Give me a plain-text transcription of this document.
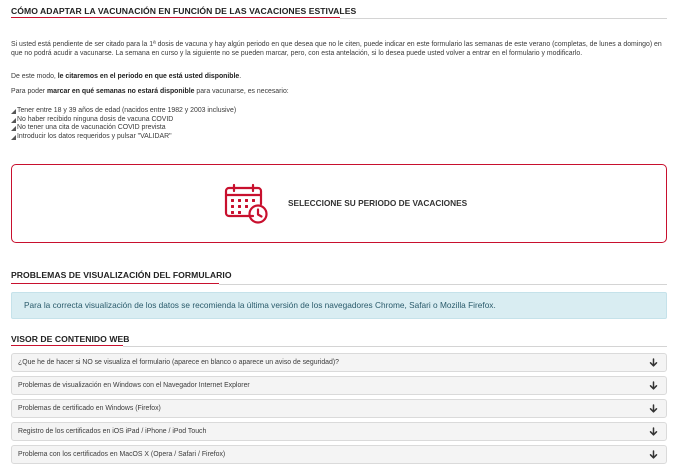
CÓMO ADAPTAR LA VACUNACIÓN EN FUNCIÓN DE LAS VACACIONES ESTIVALES

Si usted está pendiente de ser citado para la 1ª dosis de vacuna y hay algún periodo en que desea que no le citen, puede indicar en este formulario las semanas de este verano (completas, de lunes a domingo) en que no podrá acudir a vacunarse. La semana en curso y la siguiente no se pueden marcar, pero, con esta antelación, si lo desea puede usted volver a entrar en el formulario y modificarlo.

De este modo, le citaremos en el periodo en que está usted disponible.

Para poder marcar en qué semanas no estará disponible para vacunarse, es necesario:

Tener entre 18 y 39 años de edad (nacidos entre 1982 y 2003 inclusive)
No haber recibido ninguna dosis de vacuna COVID
No tener una cita de vacunación COVID prevista
Introducir los datos requeridos y pulsar "VALIDAR"
SELECCIONE SU PERIODO DE VACACIONES
PROBLEMAS DE VISUALIZACIÓN DEL FORMULARIO
Para la correcta visualización de los datos se recomienda la última versión de los navegadores Chrome, Safari o Mozilla Firefox.
VISOR DE CONTENIDO WEB
¿Que he de hacer si NO se visualiza el formulario (aparece en blanco o aparece un aviso de seguridad)?
Problemas de visualización en Windows con el Navegador Internet Explorer
Problemas de certificado en Windows (Firefox)
Registro de los certificados en iOS iPad / iPhone / iPod Touch
Problema con los certificados en MacOS X (Opera / Safari / Firefox)
